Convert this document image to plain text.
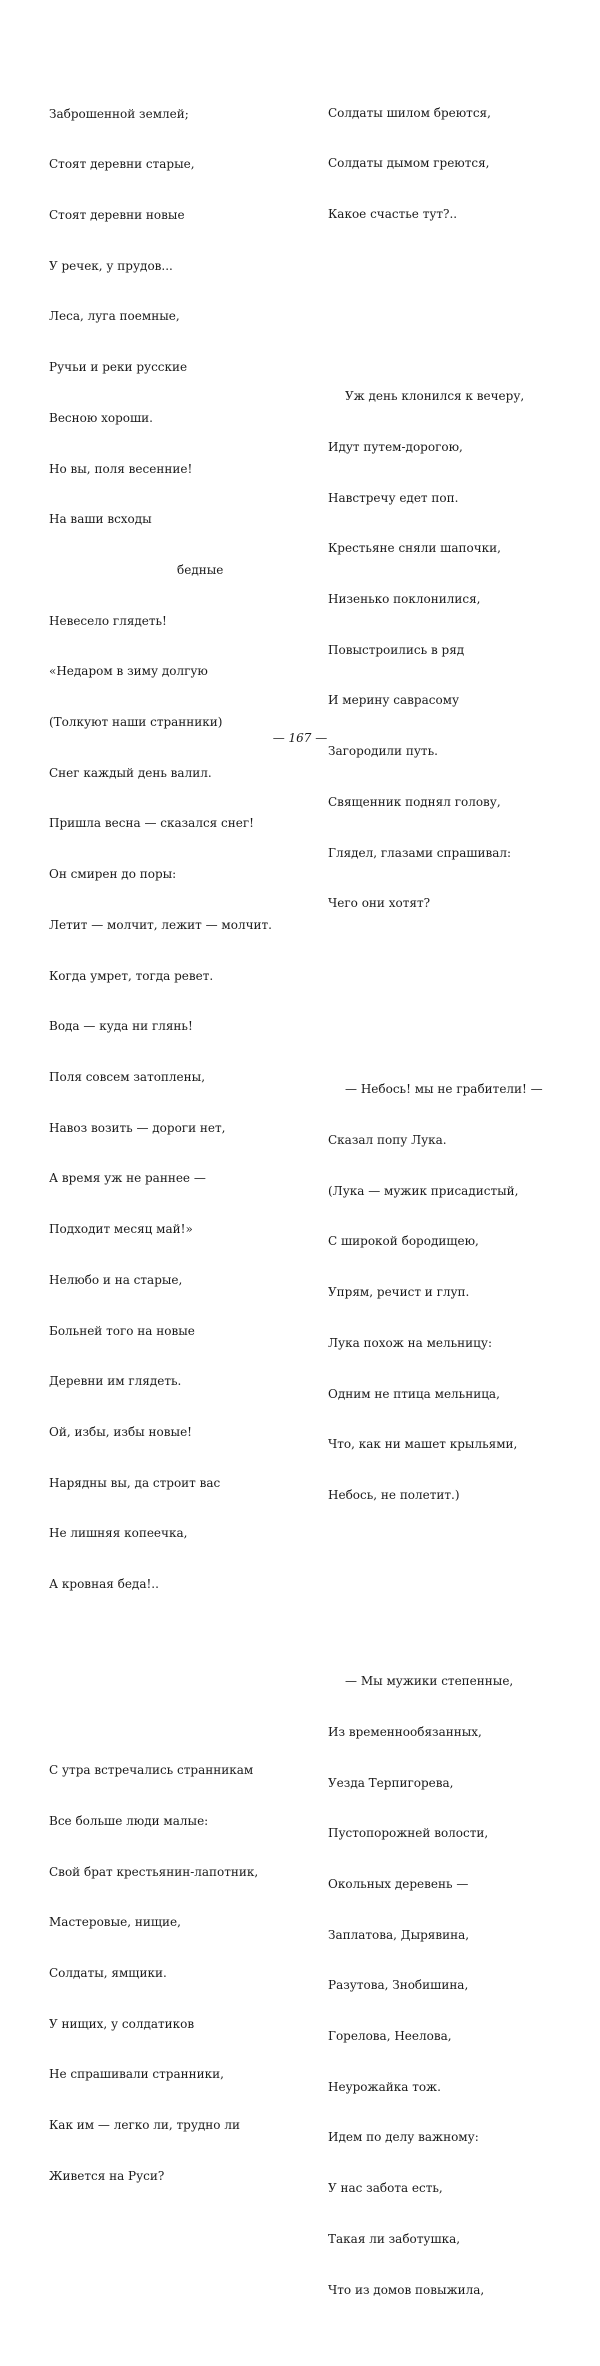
Заброшенной землей;

Стоят деревни старые,

Стоят деревни новые

У речек, у прудов...

Леса, луга поемные,

Ручьи и реки русские

Весною хороши.

Но вы, поля весенние!

На ваши всходы

бедные

Невесело глядеть!

«Недаром в зиму долгую

(Толкуют наши странники)

Снег каждый день валил.

Пришла весна — сказался снег!

Он смирен до поры:

Летит — молчит, лежит — молчит.

Когда умрет, тогда ревет.

Вода — куда ни глянь!

Поля совсем затоплены,

Навоз возить — дороги нет,

А время уж не раннее —

Подходит месяц май!»

Нелюбо и на старые,

Больней того на новые

Деревни им глядеть.

Ой, избы, избы новые!

Нарядны вы, да строит вас

Не лишняя копеечка,

А кровная беда!..

С утра встречались странникам

Все больше люди малые:

Свой брат крестьянин-лапотник,

Мастеровые, нищие,

Солдаты, ямщики.

У нищих, у солдатиков

Не спрашивали странники,

Как им — легко ли, трудно ли

Живется на Руси?

Солдаты шилом бреются,

Солдаты дымом греются,

Какое счастье тут?..

Уж день клонился к вечеру,

Идут путем-дорогою,

Навстречу едет поп.

Крестьяне сняли шапочки,

Низенько поклонилися,

Повыстроились в ряд

И мерину саврасому

Загородили путь.

Священник поднял голову,

Глядел, глазами спрашивал:

Чего они хотят?

— Небось! мы не грабители! —

Сказал попу Лука.

(Лука — мужик присадистый,

С широкой бородищею,

Упрям, речист и глуп.

Лука похож на мельницу:

Одним не птица мельница,

Что, как ни машет крыльями,

Небось, не полетит.)

— Мы мужики степенные,

Из временнообязанных,

Уезда Терпигорева,

Пустопорожней волости,

Окольных деревень —

Заплатова, Дырявина,

Разутова, Знобишина,

Горелова, Неелова,

Неурожайка тож.

Идем по делу важному:

У нас забота есть,

Такая ли заботушка,

Что из домов повыжила,

— 167 —
